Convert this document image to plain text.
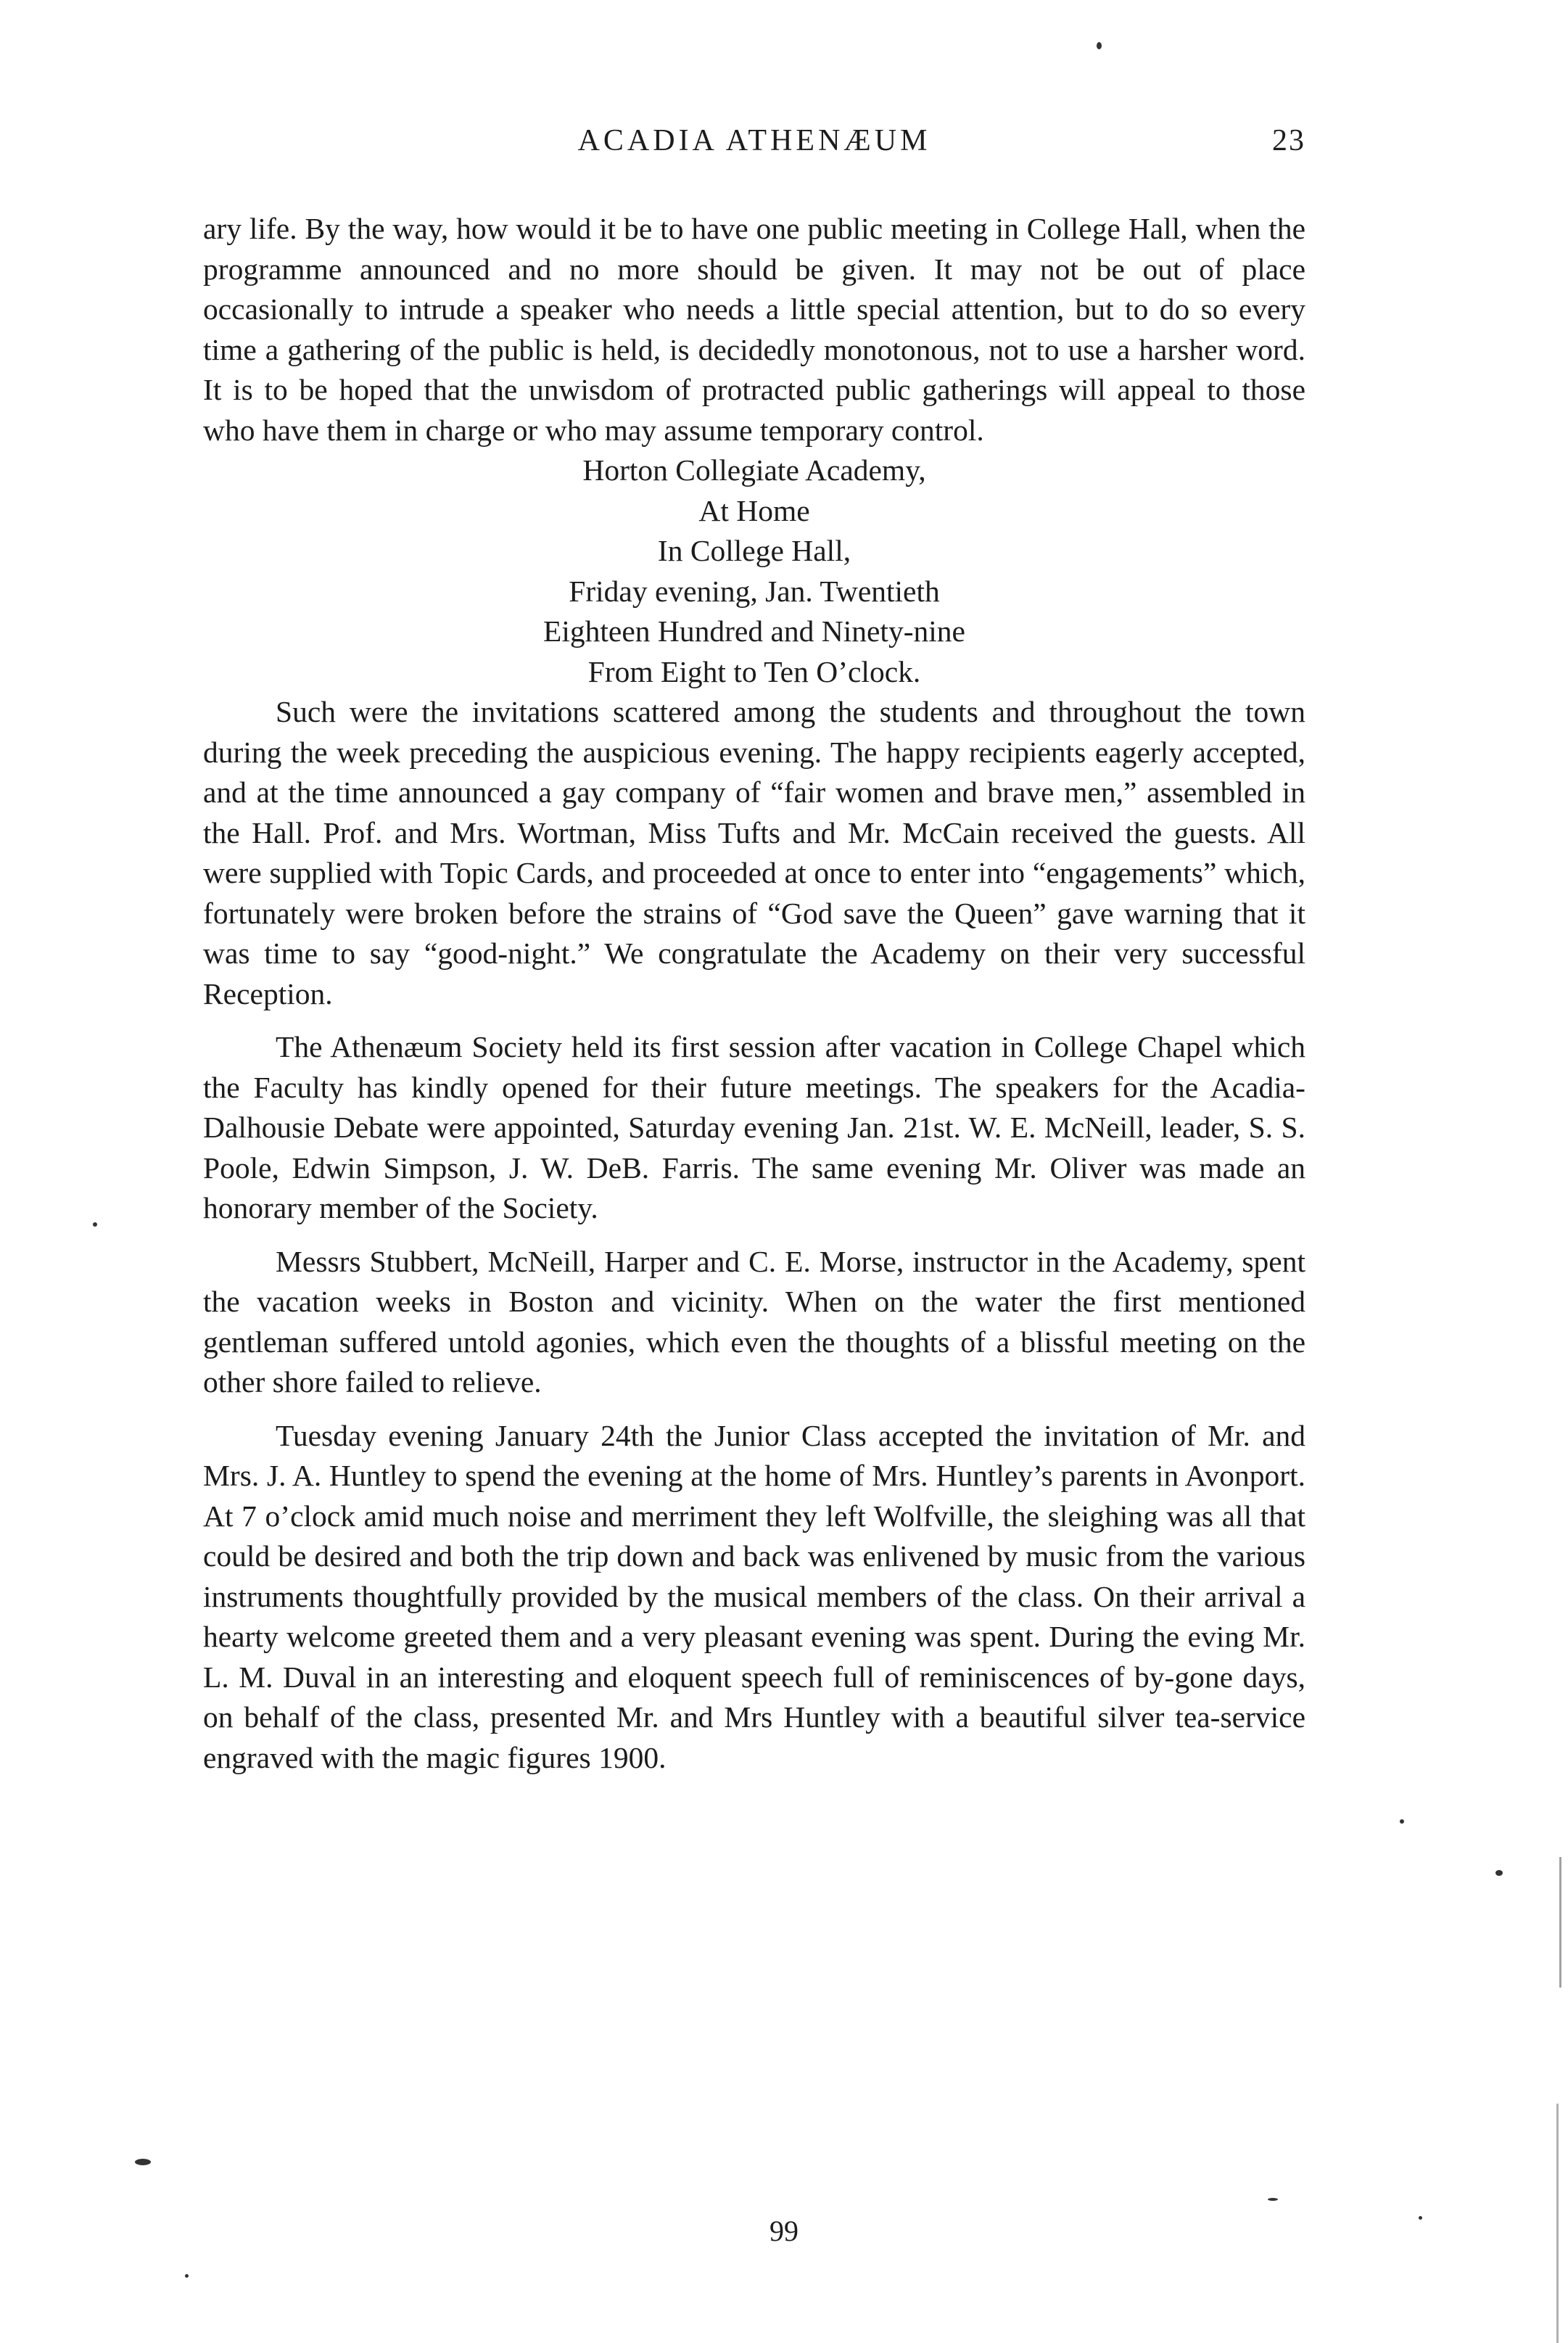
ACADIA ATHENÆUM	23

ary life. By the way, how would it be to have one public meeting in College Hall, when the programme announced and no more should be given. It may not be out of place occasionally to intrude a speaker who needs a little special attention, but to do so every time a gathering of the public is held, is decidedly monotonous, not to use a harsher word. It is to be hoped that the unwisdom of protracted public gatherings will appeal to those who have them in charge or who may assume temporary control.

Horton Collegiate Academy,
At Home
In College Hall,
Friday evening, Jan. Twentieth
Eighteen Hundred and Ninety-nine
From Eight to Ten O’clock.

Such were the invitations scattered among the students and throughout the town during the week preceding the auspicious evening. The happy recipients eagerly accepted, and at the time announced a gay company of “fair women and brave men,” assembled in the Hall. Prof. and Mrs. Wortman, Miss Tufts and Mr. McCain received the guests. All were supplied with Topic Cards, and proceeded at once to enter into “engagements” which, fortunately were broken before the strains of “God save the Queen” gave warning that it was time to say “good-night.” We congratulate the Academy on their very successful Reception.

The Athenæum Society held its first session after vacation in College Chapel which the Faculty has kindly opened for their future meetings. The speakers for the Acadia-Dalhousie Debate were appointed, Saturday evening Jan. 21st. W. E. McNeill, leader, S. S. Poole, Edwin Simpson, J. W. DeB. Farris. The same evening Mr. Oliver was made an honorary member of the Society.

Messrs Stubbert, McNeill, Harper and C. E. Morse, instructor in the Academy, spent the vacation weeks in Boston and vicinity. When on the water the first mentioned gentleman suffered untold agonies, which even the thoughts of a blissful meeting on the other shore failed to relieve.

Tuesday evening January 24th the Junior Class accepted the invitation of Mr. and Mrs. J. A. Huntley to spend the evening at the home of Mrs. Huntley’s parents in Avonport. At 7 o’clock amid much noise and merriment they left Wolfville, the sleighing was all that could be desired and both the trip down and back was enlivened by music from the various instruments thoughtfully provided by the musical members of the class. On their arrival a hearty welcome greeted them and a very pleasant evening was spent. During the eving Mr. L. M. Duval in an interesting and eloquent speech full of reminiscences of by-gone days, on behalf of the class, presented Mr. and Mrs Huntley with a beautiful silver tea-service engraved with the magic figures 1900.

99
